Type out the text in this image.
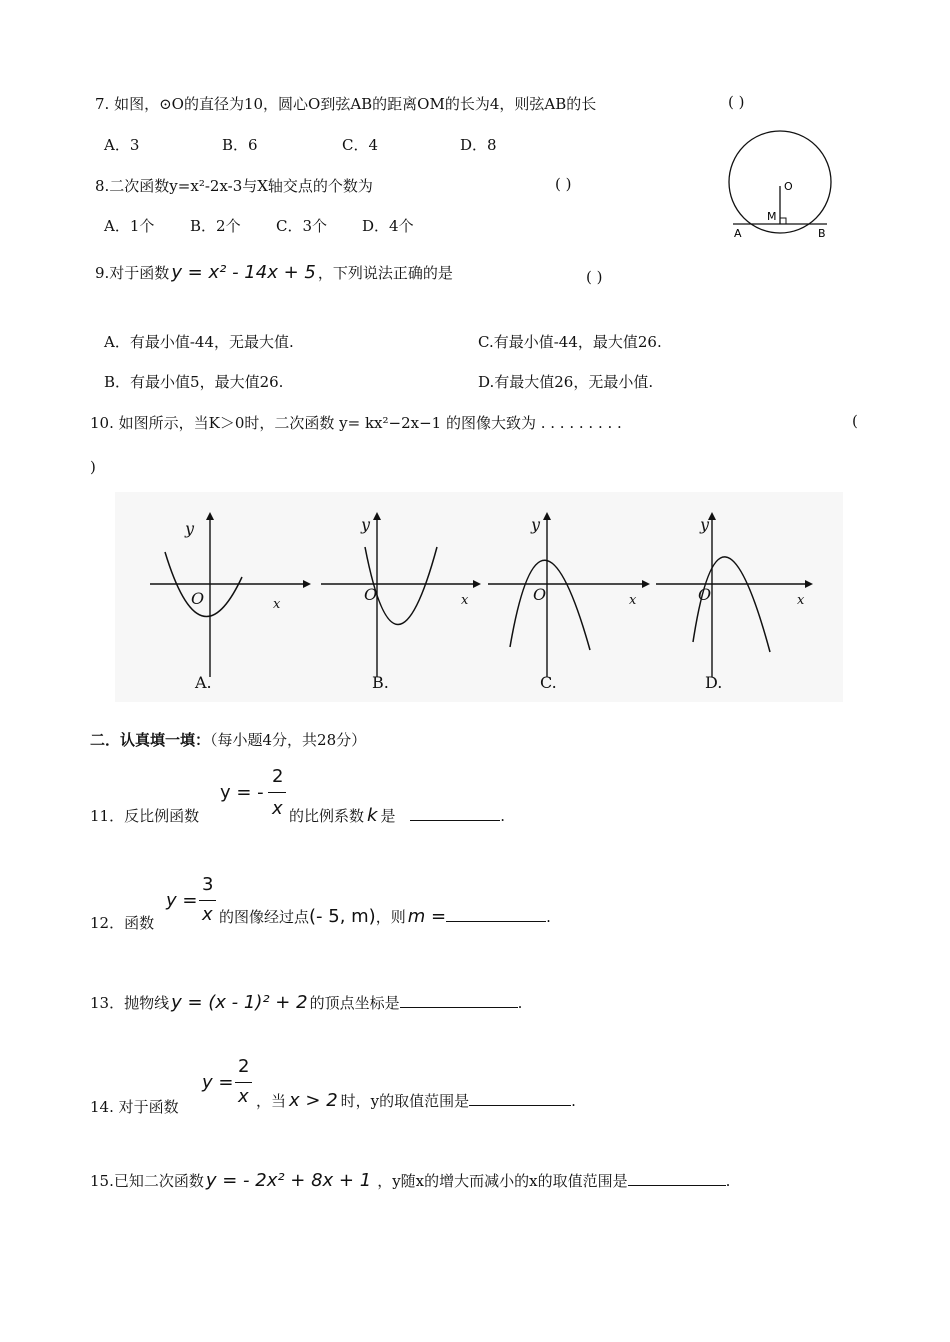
7. 如图，⊙O的直径为10，圆心O到弦AB的距离OM的长为4，则弦AB的长	( )
A．3	B．6	C．4	D．8
8.二次函数y=x²-2x-3与X轴交点的个数为	( )
A．1个 B．2个 C．3个 D．4个
O
M
A	B
9.对于函数 y = x² - 14x + 5 ，下列说法正确的是	( )
A．有最小值-44，无最大值.	C.有最小值-44，最大值26.
B．有最小值5，最大值26.	D.有最大值26，无最小值.
10. 如图所示，当K＞0时，二次函数 y= kx²−2x−1 的图像大致为 . . . . . . . . .	(
)
y
x
O
A.
y
x
O
B.
y
x
O
C.
y
x
O
D.
二．认真填一填：（每小题4分，共28分）
11．反比例函数
y = -
2
x 的比例系数 k 是	.
12．函数
y =
3
x 的图像经过点(- 5, m)，则 m =	.
13．抛物线 y = (x - 1)² + 2 的顶点坐标是	.
14. 对于函数
y =
2
x ，当 x > 2 时，y的取值范围是	.
15.已知二次函数 y = - 2x² + 8x + 1 ，y随x的增大而减小的x的取值范围是	.
